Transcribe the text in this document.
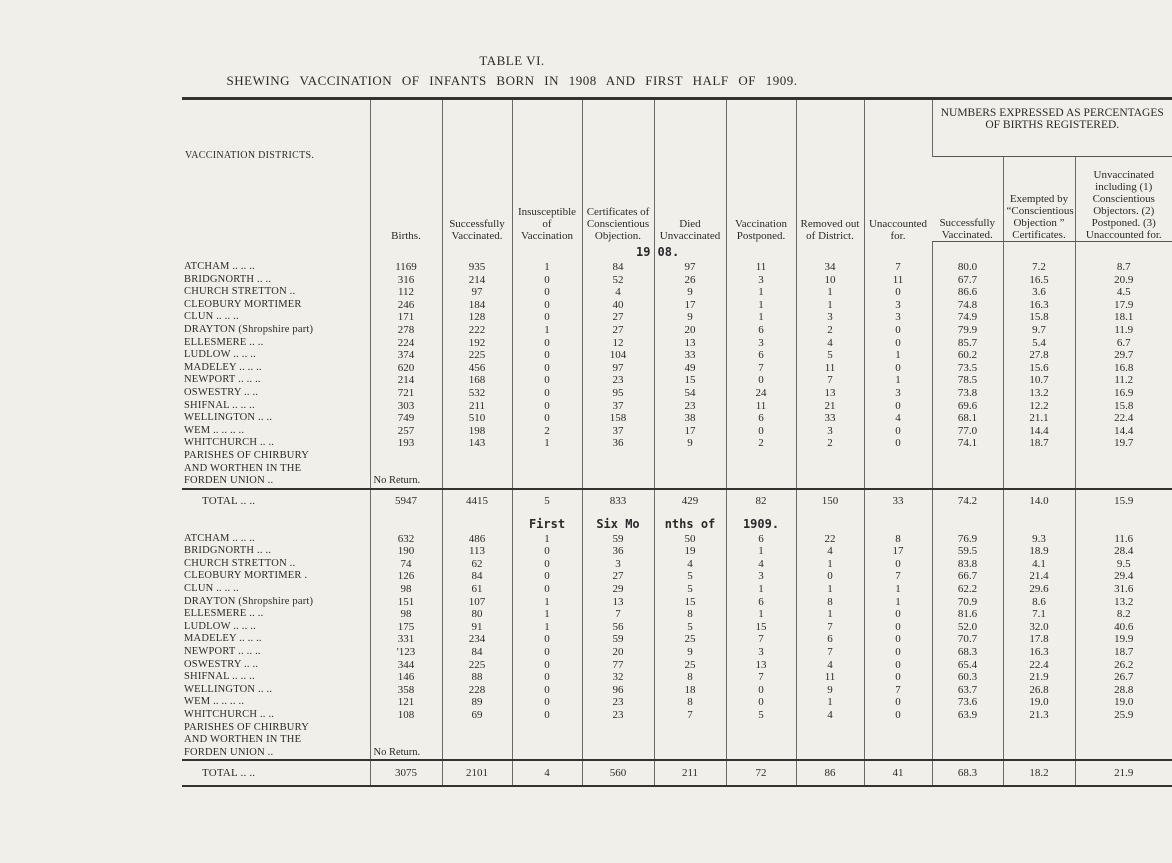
TABLE VI.
SHEWING VACCINATION OF INFANTS BORN IN 1908 AND FIRST HALF OF 1909.
VACCINATION DISTRICTS.	Births.	Successfully Vaccinated.	Insusceptible of Vaccination	Certificates of Conscientious Objection.	Died Unvaccinated	Vaccination Postponed.	Removed out of District.	Unaccounted for.	NUMBERS EXPRESSED AS PERCENTAGES OF BIRTHS REGISTERED.		
									Successfully Vaccinated.	Exempted by “Conscientious Objection ” Certificates.	Unvaccinated including (1) Conscientious Objectors. (2) Postponed. (3) Unaccounted for.
				19	08.						
ATCHAM .. .. ..	1169	935	1	84	97	11	34	7	80.0	7.2	8.7
BRIDGNORTH .. ..	316	214	0	52	26	3	10	11	67.7	16.5	20.9
CHURCH STRETTON ..	112	97	0	4	9	1	1	0	86.6	3.6	4.5
CLEOBURY MORTIMER	246	184	0	40	17	1	1	3	74.8	16.3	17.9
CLUN .. .. ..	171	128	0	27	9	1	3	3	74.9	15.8	18.1
DRAYTON (Shropshire part)	278	222	1	27	20	6	2	0	79.9	9.7	11.9
ELLESMERE .. ..	224	192	0	12	13	3	4	0	85.7	5.4	6.7
LUDLOW .. .. ..	374	225	0	104	33	6	5	1	60.2	27.8	29.7
MADELEY .. .. ..	620	456	0	97	49	7	11	0	73.5	15.6	16.8
NEWPORT .. .. ..	214	168	0	23	15	0	7	1	78.5	10.7	11.2
OSWESTRY .. ..	721	532	0	95	54	24	13	3	73.8	13.2	16.9
SHIFNAL .. .. ..	303	211	0	37	23	11	21	0	69.6	12.2	15.8
WELLINGTON .. ..	749	510	0	158	38	6	33	4	68.1	21.1	22.4
WEM .. .. .. ..	257	198	2	37	17	0	3	0	77.0	14.4	14.4
WHITCHURCH .. ..	193	143	1	36	9	2	2	0	74.1	18.7	19.7
PARISHES OF CHIRBURY											
AND WORTHEN IN THE											
FORDEN UNION ..	No Return.										
TOTAL .. ..	5947	4415	5	833	429	82	150	33	74.2	14.0	15.9
			First	Six Mo	nths of	1909.					
ATCHAM .. .. ..	632	486	1	59	50	6	22	8	76.9	9.3	11.6
BRIDGNORTH .. ..	190	113	0	36	19	1	4	17	59.5	18.9	28.4
CHURCH STRETTON ..	74	62	0	3	4	4	1	0	83.8	4.1	9.5
CLEOBURY MORTIMER .	126	84	0	27	5	3	0	7	66.7	21.4	29.4
CLUN .. .. ..	98	61	0	29	5	1	1	1	62.2	29.6	31.6
DRAYTON (Shropshire part)	151	107	1	13	15	6	8	1	70.9	8.6	13.2
ELLESMERE .. ..	98	80	1	7	8	1	1	0	81.6	7.1	8.2
LUDLOW .. .. ..	175	91	1	56	5	15	7	0	52.0	32.0	40.6
MADELEY .. .. ..	331	234	0	59	25	7	6	0	70.7	17.8	19.9
NEWPORT .. .. ..	'123	84	0	20	9	3	7	0	68.3	16.3	18.7
OSWESTRY .. ..	344	225	0	77	25	13	4	0	65.4	22.4	26.2
SHIFNAL .. .. ..	146	88	0	32	8	7	11	0	60.3	21.9	26.7
WELLINGTON .. ..	358	228	0	96	18	0	9	7	63.7	26.8	28.8
WEM .. .. .. ..	121	89	0	23	8	0	1	0	73.6	19.0	19.0
WHITCHURCH .. ..	108	69	0	23	7	5	4	0	63.9	21.3	25.9
PARISHES OF CHIRBURY											
AND WORTHEN IN THE											
FORDEN UNION ..	No Return.										
TOTAL .. ..	3075	2101	4	560	211	72	86	41	68.3	18.2	21.9
